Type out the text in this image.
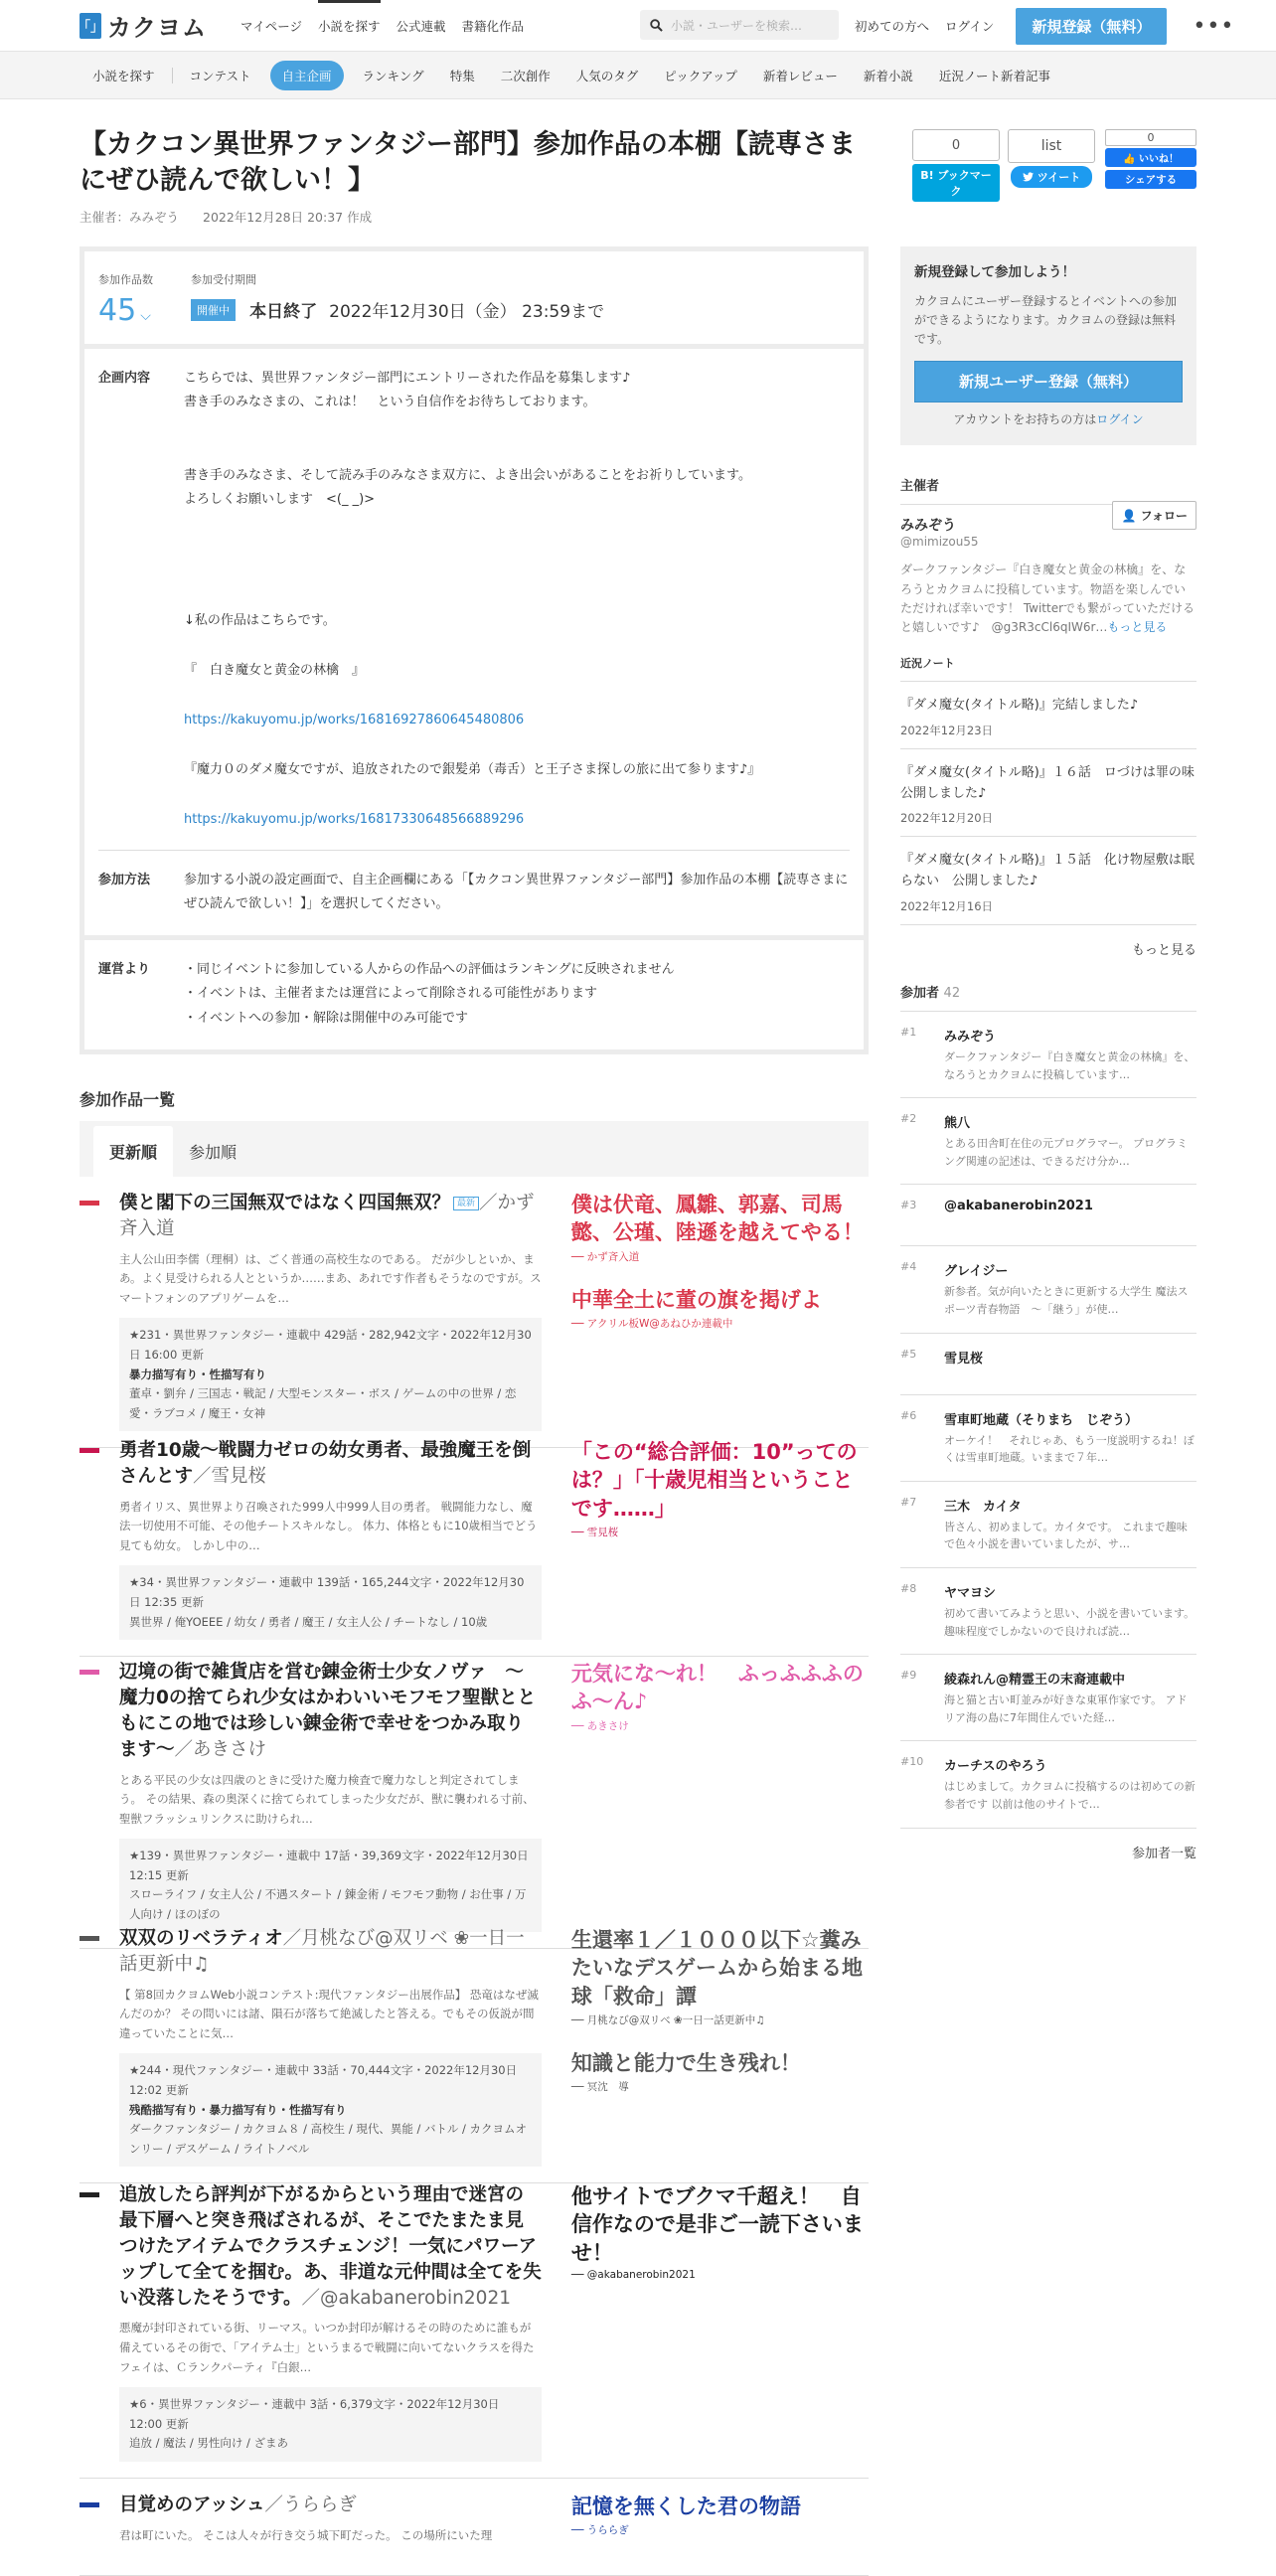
「」 カクヨム	マイページ 小説を探す 公式連載 書籍化作品	小説・ユーザーを検索…	初めての方へ ログイン	新規登録（無料）	•••
小説を探す	コンテスト	自主企画	ランキング	特集	二次創作	人気のタグ	ピックアップ	新着レビュー	新着小説	近況ノート新着記事
【カクコン異世界ファンタジー部門】参加作品の本棚【読専さまにぜひ読んで欲しい！】
主催者：みみぞう 2022年12月28日 20:37 作成
0
B! ブックマーク
list
ツイート
0
👍 いいね！
シェアする
参加作品数
45 ⌵
参加受付期間
開催中 本日終了 2022年12月30日（金） 23:59まで
企画内容	こちらでは、異世界ファンタジー部門にエントリーされた作品を募集します♪

書き手のみなさまの、これは！　という自信作をお待ちしております。

書き手のみなさま、そして読み手のみなさま双方に、よき出会いがあることをお祈りしています。

よろしくお願いします　<(_ _)>

↓私の作品はこちらです。

『　白き魔女と黄金の林檎　』

https://kakuyomu.jp/works/16816927860645480806

『魔力０のダメ魔女ですが、追放されたので銀髪弟（毒舌）と王子さま探しの旅に出て参ります♪』

https://kakuyomu.jp/works/16817330648566889296

参加方法	参加する小説の設定画面で、自主企画欄にある「【カクコン異世界ファンタジー部門】参加作品の本棚【読専さまにぜひ読んで欲しい！】」を選択してください。
運営より	・同じイベントに参加している人からの作品への評価はランキングに反映されません

・イベントは、主催者または運営によって削除される可能性があります

・イベントへの参加・解除は開催中のみ可能です

参加作品一覧
更新順	参加順
僕と閣下の三国無双ではなく四国無双？ 最新 ／かず斉入道
主人公山田李儒（理桐）は、ごく普通の高校生なのである。 だが少しといか、まあ。よく見受けられる人とというか……まあ、あれです作者もそうなのですが。スマートフォンのアプリゲームを…
★231・異世界ファンタジー・連載中 429話・282,942文字・2022年12月30日 16:00 更新
暴力描写有り・性描写有り
董卓・劉弁 / 三国志・戦記 / 大型モンスター・ボス / ゲームの中の世界 / 恋愛・ラブコメ / 魔王・女神
僕は伏竜、鳳雛、郭嘉、司馬懿、公瑾、陸遜を越えてやる！
── かず斉入道
中華全土に董の旗を掲げよ
── アクリル板W@あねひか連載中
勇者10歳～戦闘力ゼロの幼女勇者、最強魔王を倒さんとす／雪見桜
勇者イリス、異世界より召喚された999人中999人目の勇者。 戦闘能力なし、魔法一切使用不可能、その他チートスキルなし。 体力、体格ともに10歳相当でどう見ても幼女。 しかし中の…
★34・異世界ファンタジー・連載中 139話・165,244文字・2022年12月30日 12:35 更新
異世界 / 俺YOEEE / 幼女 / 勇者 / 魔王 / 女主人公 / チートなし / 10歳
「この“総合評価：10”ってのは？」「十歳児相当ということです……」
── 雪見桜
辺境の街で雑貨店を営む錬金術士少女ノヴァ　～魔力0の捨てられ少女はかわいいモフモフ聖獣とともにこの地では珍しい錬金術で幸せをつかみ取ります～／あきさけ
とある平民の少女は四歳のときに受けた魔力検査で魔力なしと判定されてしまう。 その結果、森の奥深くに捨てられてしまった少女だが、獣に襲われる寸前、聖獣フラッシュリンクスに助けられ…
★139・異世界ファンタジー・連載中 17話・39,369文字・2022年12月30日 12:15 更新
スローライフ / 女主人公 / 不遇スタート / 錬金術 / モフモフ動物 / お仕事 / 万人向け / ほのぼの
元気にな～れ！　ふっふふふのふ～ん♪
── あきさけ
双双のリベラティオ／月桃なび@双リベ ❀一日一話更新中♫
【 第8回カクヨムWeb小説コンテスト:現代ファンタジー出展作品】 恐竜はなぜ滅んだのか？ その問いには諸、隕石が落ちて絶滅したと答える。でもその仮説が間違っていたことに気…
★244・現代ファンタジー・連載中 33話・70,444文字・2022年12月30日 12:02 更新
残酷描写有り・暴力描写有り・性描写有り
ダークファンタジー / カクヨム８ / 高校生 / 現代、異能 / バトル / カクヨムオンリー / デスゲーム / ライトノベル
生還率１／１０００以下☆糞みたいなデスゲームから始まる地球「救命」譚
── 月桃なび@双リベ ❀一日一話更新中♫
知識と能力で生き残れ！
── 冥沈　導
追放したら評判が下がるからという理由で迷宮の最下層へと突き飛ばされるが、そこでたまたま見つけたアイテムでクラスチェンジ！一気にパワーアップして全てを掴む。あ、非道な元仲間は全てを失い没落したそうです。／@akabanerobin2021
悪魔が封印されている街、リーマス。いつか封印が解けるその時のために誰もが備えているその街で、「アイテム士」というまるで戦闘に向いてないクラスを得たフェイは、Ｃランクパーティ『白銀…
★6・異世界ファンタジー・連載中 3話・6,379文字・2022年12月30日 12:00 更新
追放 / 魔法 / 男性向け / ざまあ
他サイトでブクマ千超え！　自信作なので是非ご一読下さいませ！
── @akabanerobin2021
目覚めのアッシュ／うららぎ
君は町にいた。 そこは人々が行き交う城下町だった。 この場所にいた理
記憶を無くした君の物語
── うららぎ
新規登録して参加しよう！
カクヨムにユーザー登録するとイベントへの参加ができるようになります。カクヨムの登録は無料です。
新規ユーザー登録（無料）
アカウントをお持ちの方はログイン
主催者
みみぞう
@mimizou55
👤 フォロー
ダークファンタジー『白き魔女と黄金の林檎』を、なろうとカクヨムに投稿しています。物語を楽しんでいただければ幸いです！ Twitterでも繋がっていただけると嬉しいです♪　@g3R3cCl6qIW6r…もっと見る
近況ノート
『ダメ魔女(タイトル略)』完結しました♪
2022年12月23日
『ダメ魔女(タイトル略)』１６話　ロづけは罪の味　公開しました♪
2022年12月20日
『ダメ魔女(タイトル略)』１５話　化け物屋敷は眠らない　公開しました♪
2022年12月16日
もっと見る
参加者 42
#1	みみぞう
ダークファンタジー『白き魔女と黄金の林檎』を、なろうとカクヨムに投稿しています…
#2	熊八
とある田舎町在住の元プログラマー。 プログラミング関連の記述は、できるだけ分か…
#3	@akabanerobin2021
#4	グレイジー
新参者。気が向いたときに更新する大学生 魔法スポーツ青春物語　～「継う」が使…
#5	雪見桜
#6	雪車町地蔵（そりまち　じぞう）
オーケイ！　それじゃあ、もう一度説明するね！ぼくは雪車町地蔵。いままで７年…
#7	三木　カイタ
皆さん、初めまして。カイタです。 これまで趣味で色々小説を書いていましたが、サ…
#8	ヤマヨシ
初めて書いてみようと思い、小説を書いています。趣味程度でしかないので良ければ読…
#9	綾森れん@精霊王の末裔連載中
海と猫と古い町並みが好きな東軍作家です。 アドリア海の島に7年間住んでいた経…
#10	カーチスのやろう
はじめまして。カクヨムに投稿するのは初めての新参者です 以前は他のサイトで…
参加者一覧
